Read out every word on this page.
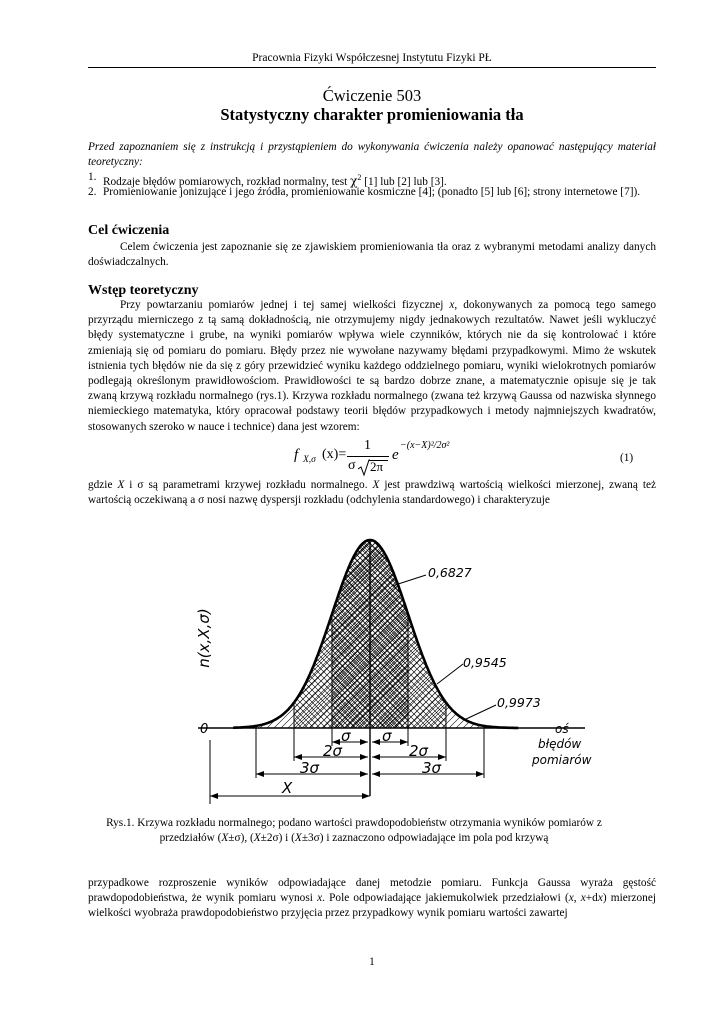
Pracownia Fizyki Współczesnej Instytutu Fizyki PŁ
Ćwiczenie 503
Statystyczny charakter promieniowania tła
Przed zapoznaniem się z instrukcją i przystąpieniem do wykonywania ćwiczenia należy opanować następujący materiał teoretyczny:
1. Rodzaje błędów pomiarowych, rozkład normalny, test $\chi^2$ [1] lub [2] lub [3].
2. Promieniowanie jonizujące i jego źródła, promieniowanie kosmiczne [4]; (ponadto [5] lub [6]; strony internetowe [7]).
Cel ćwiczenia
Celem ćwiczenia jest zapoznanie się ze zjawiskiem promieniowania tła oraz z wybranymi metodami analizy danych doświadczalnych.
Wstęp teoretyczny
Przy powtarzaniu pomiarów jednej i tej samej wielkości fizycznej x, dokonywanych za pomocą tego samego przyrządu mierniczego z tą samą dokładnością, nie otrzymujemy nigdy jednakowych rezultatów. Nawet jeśli wykluczyć błędy systematyczne i grube, na wyniki pomiarów wpływa wiele czynników, których nie da się kontrolować i które zmieniają się od pomiaru do pomiaru. Błędy przez nie wywołane nazywamy błędami przypadkowymi. Mimo że wskutek istnienia tych błędów nie da się z góry przewidzieć wyniku każdego oddzielnego pomiaru, wyniki wielokrotnych pomiarów podlegają określonym prawidłowościom. Prawidłowości te są bardzo dobrze znane, a matematycznie opisuje się je tak zwaną krzywą rozkładu normalnego (rys.1). Krzywa rozkładu normalnego (zwana też krzywą Gaussa od nazwiska słynnego niemieckiego matematyka, który opracował podstawy teorii błędów przypadkowych i metody najmniejszych kwadratów, stosowanych szeroko w nauce i technice) dana jest wzorem:
f X,σ (x)=
1
σ 2π
e
−(x−X)²/2σ²
(1)
gdzie X i σ są parametrami krzywej rozkładu normalnego. X jest prawdziwą wartością wielkości mierzonej, zwaną też wartością oczekiwaną a σ nosi nazwę dyspersji rozkładu (odchylenia standardowego) i charakteryzuje
n(x,X,σ)
0
0,6827
0,9545
0,9973
oś
błędów
pomiarów
σ σ
2σ	2σ
3σ	3σ
X
Rys.1. Krzywa rozkładu normalnego; podano wartości prawdopodobieństw otrzymania wyników pomiarów z przedziałów (X±σ), (X±2σ) i (X±3σ) i zaznaczono odpowiadające im pola pod krzywą
przypadkowe rozproszenie wyników odpowiadające danej metodzie pomiaru. Funkcja Gaussa wyraża gęstość prawdopodobieństwa, że wynik pomiaru wynosi x. Pole odpowiadające jakiemukolwiek przedziałowi (x, x+dx) mierzonej wielkości wyobraża prawdopodobieństwo przyjęcia przez przypadkowy wynik pomiaru wartości zawartej
1
